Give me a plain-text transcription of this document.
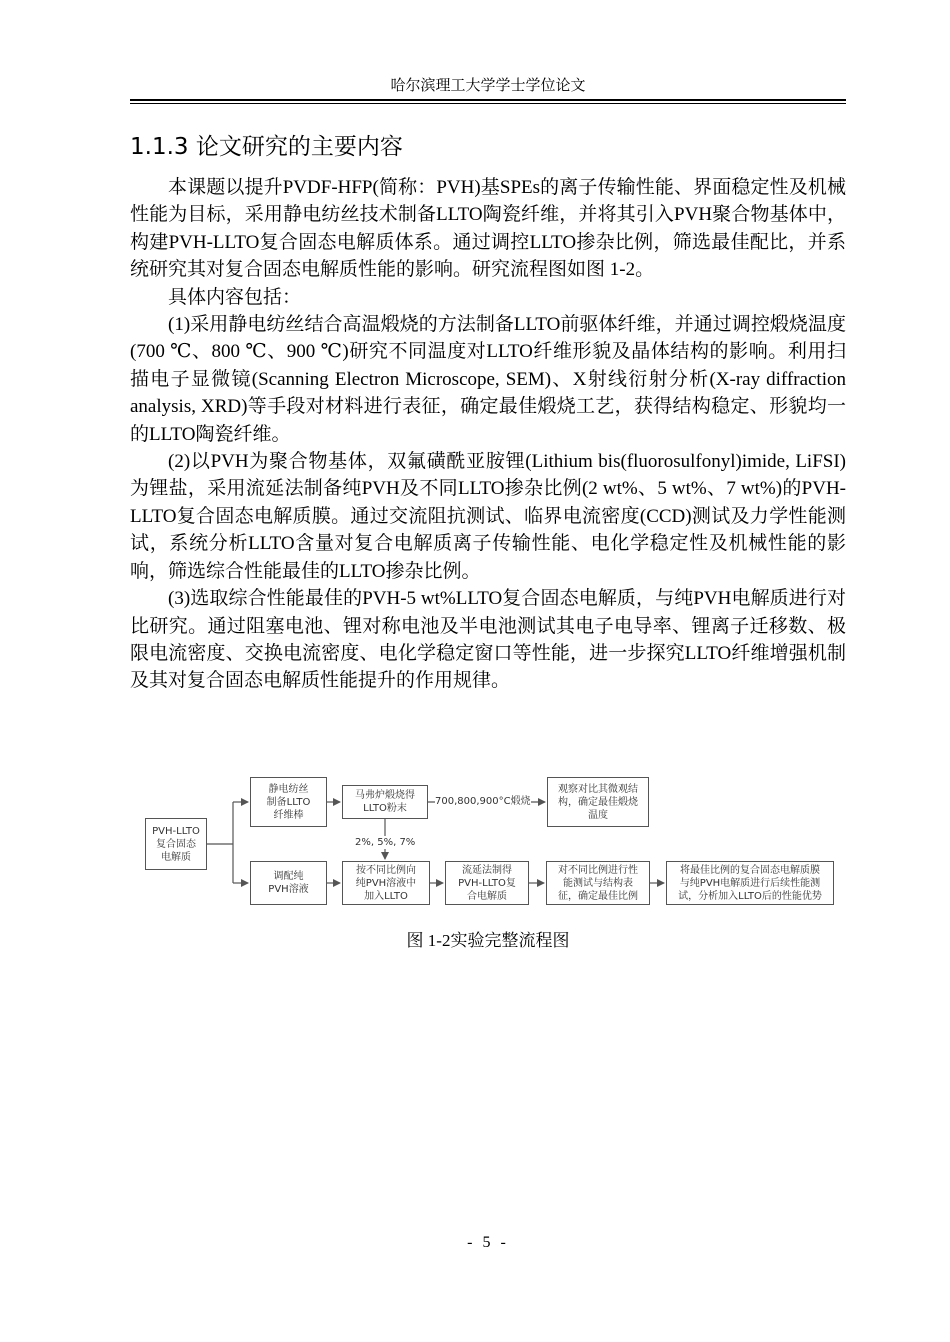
哈尔滨理工大学学士学位论文
1.1.3 论文研究的主要内容

本课题以提升PVDF-HFP(简称：PVH)基SPEs的离子传输性能、界面稳定性及机械性能为目标，采用静电纺丝技术制备LLTO陶瓷纤维，并将其引入PVH聚合物基体中，构建PVH-LLTO复合固态电解质体系。通过调控LLTO掺杂比例，筛选最佳配比，并系统研究其对复合固态电解质性能的影响。研究流程图如图 1-2。

具体内容包括：

(1)采用静电纺丝结合高温煅烧的方法制备LLTO前驱体纤维，并通过调控煅烧温度(700 ℃、800 ℃、900 ℃)研究不同温度对LLTO纤维形貌及晶体结构的影响。利用扫描电子显微镜(Scanning Electron Microscope, SEM)、X射线衍射分析(X-ray diffraction analysis, XRD)等手段对材料进行表征，确定最佳煅烧工艺，获得结构稳定、形貌均一的LLTO陶瓷纤维。

(2)以PVH为聚合物基体，双氟磺酰亚胺锂(Lithium bis(fluorosulfonyl)imide, LiFSI)为锂盐，采用流延法制备纯PVH及不同LLTO掺杂比例(2 wt%、5 wt%、7 wt%)的PVH-LLTO复合固态电解质膜。通过交流阻抗测试、临界电流密度(CCD)测试及力学性能测试，系统分析LLTO含量对复合电解质离子传输性能、电化学稳定性及机械性能的影响，筛选综合性能最佳的LLTO掺杂比例。

(3)选取综合性能最佳的PVH-5 wt%LLTO复合固态电解质，与纯PVH电解质进行对比研究。通过阻塞电池、锂对称电池及半电池测试其电子电导率、锂离子迁移数、极限电流密度、交换电流密度、电化学稳定窗口等性能，进一步探究LLTO纤维增强机制及其对复合固态电解质性能提升的作用规律。

PVH-LLTO
复合固态
电解质
静电纺丝
制备LLTO
纤维棒
马弗炉煅烧得
LLTO粉末
观察对比其微观结
构，确定最佳煅烧
温度
调配纯
PVH溶液
按不同比例向
纯PVH溶液中
加入LLTO
流延法制得
PVH-LLTO复
合电解质
对不同比例进行性
能测试与结构表
征，确定最佳比例
将最佳比例的复合固态电解质膜
与纯PVH电解质进行后续性能测
试，分析加入LLTO后的性能优势
700,800,900°C煅烧
2%, 5%, 7%
图 1-2实验完整流程图
- 5 -
